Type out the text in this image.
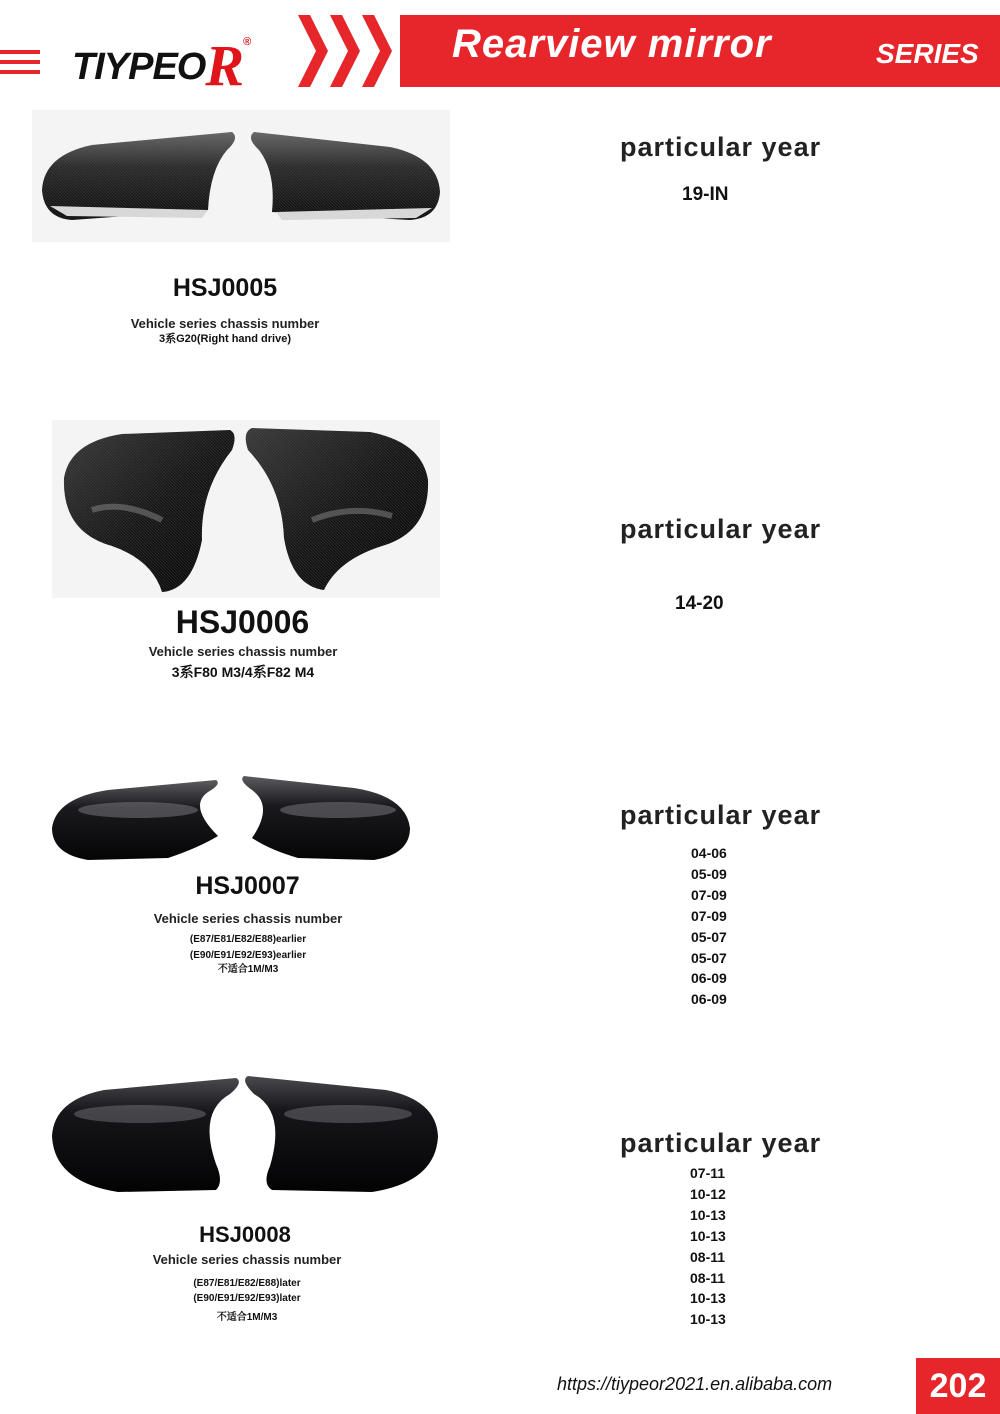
TIYPEOR®	Rearview mirror	SERIES
HSJ0005
Vehicle series chassis number
3系G20(Right hand drive)
particular year
19-IN
HSJ0006
Vehicle series chassis number
3系F80 M3/4系F82 M4
particular year
14-20
HSJ0007
Vehicle series chassis number
(E87/E81/E82/E88)earlier
(E90/E91/E92/E93)earlier
不适合1M/M3
particular year
04-06
05-09
07-09
07-09
05-07
05-07
06-09
06-09
HSJ0008
Vehicle series chassis number
(E87/E81/E82/E88)later
(E90/E91/E92/E93)later
不适合1M/M3
particular year
07-11
10-12
10-13
10-13
08-11
08-11
10-13
10-13
https://tiypeor2021.en.alibaba.com	202
